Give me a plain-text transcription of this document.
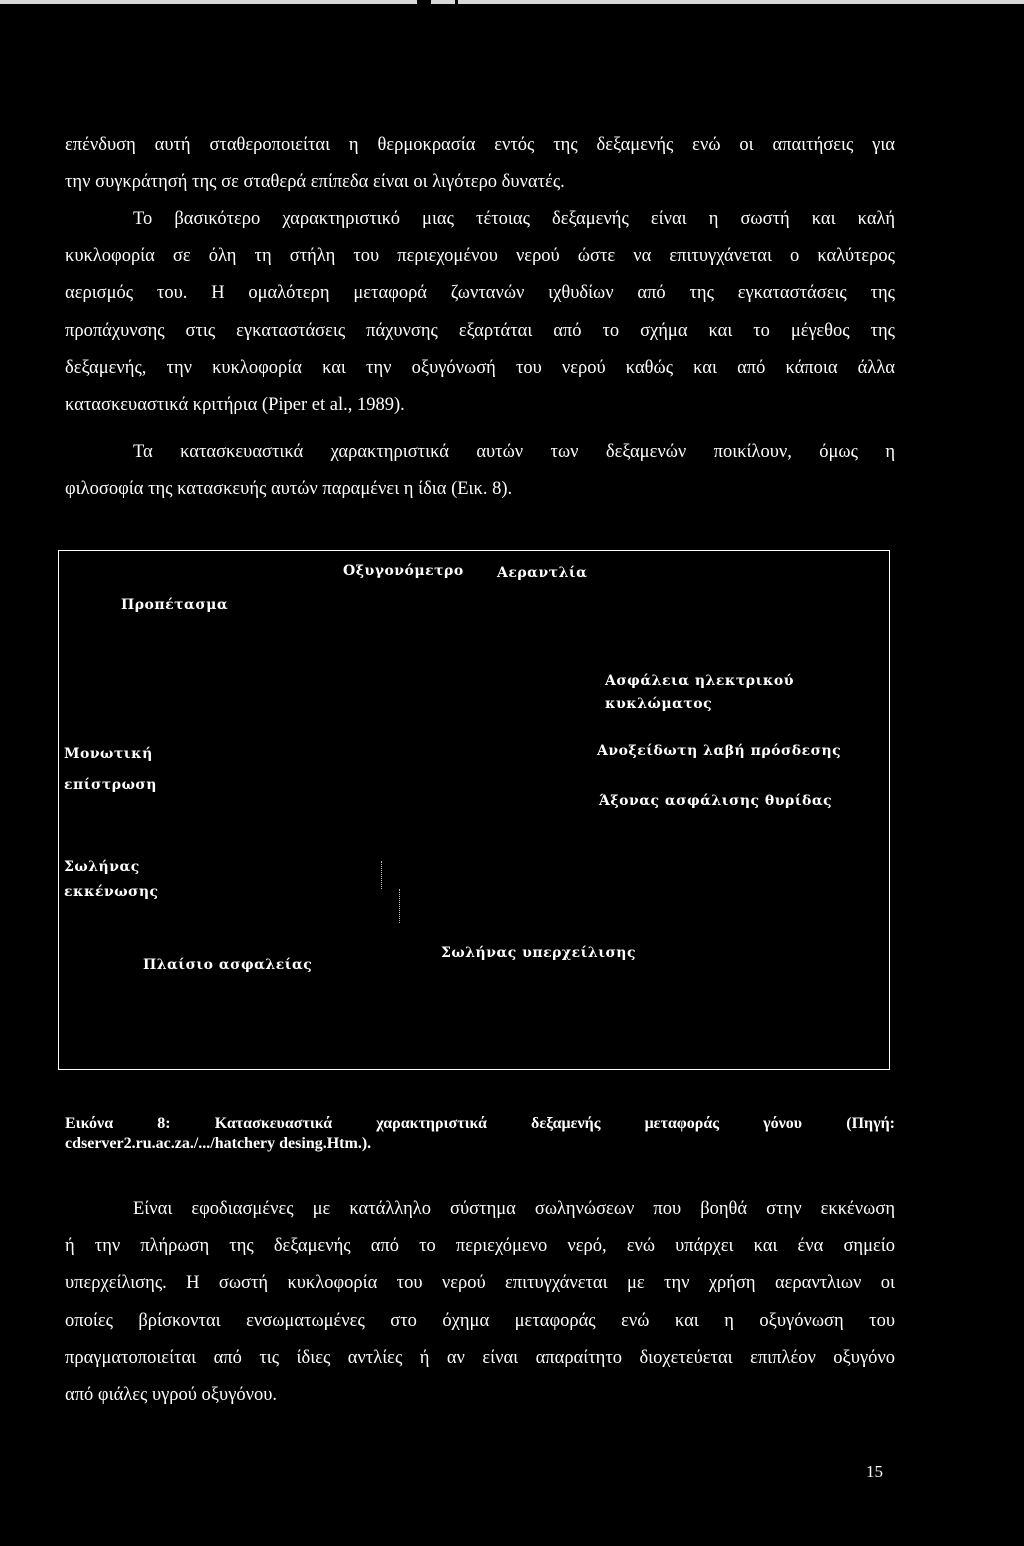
επένδυση αυτή σταθεροποιείται η θερμοκρασία εντός της δεξαμενής ενώ οι απαιτήσεις για
την συγκράτησή της σε σταθερά επίπεδα είναι οι λιγότερο δυνατές.
Το βασικότερο χαρακτηριστικό μιας τέτοιας δεξαμενής είναι η σωστή και καλή
κυκλοφορία σε όλη τη στήλη του περιεχομένου νερού ώστε να επιτυγχάνεται ο καλύτερος
αερισμός του. Η ομαλότερη μεταφορά ζωντανών ιχθυδίων από της εγκαταστάσεις της
προπάχυνσης στις εγκαταστάσεις πάχυνσης εξαρτάται από το σχήμα και το μέγεθος της
δεξαμενής, την κυκλοφορία και την οξυγόνωσή του νερού καθώς και από κάποια άλλα
κατασκευαστικά κριτήρια (Piper et al., 1989).
Τα κατασκευαστικά χαρακτηριστικά αυτών των δεξαμενών ποικίλουν, όμως η
φιλοσοφία της κατασκευής αυτών παραμένει η ίδια (Εικ. 8).
Οξυγονόμετρο Αεραντλία
Προπέτασμα
Ασφάλεια ηλεκτρικού
κυκλώματος
Ανοξείδωτη λαβή πρόσδεσης
Μονωτική
επίστρωση
Άξονας ασφάλισης θυρίδας
Σωλήνας
εκκένωσης
Πλαίσιο ασφαλείας
Σωλήνας υπερχείλισης
Εικόνα 8: Κατασκευαστικά χαρακτηριστικά δεξαμενής μεταφοράς γόνου (Πηγή:
cdserver2.ru.ac.za./.../hatchery desing.Htm.).
Είναι εφοδιασμένες με κατάλληλο σύστημα σωληνώσεων που βοηθά στην εκκένωση
ή την πλήρωση της δεξαμενής από το περιεχόμενο νερό, ενώ υπάρχει και ένα σημείο
υπερχείλισης. Η σωστή κυκλοφορία του νερού επιτυγχάνεται με την χρήση αεραντλιων οι
οποίες βρίσκονται ενσωματωμένες στο όχημα μεταφοράς ενώ και η οξυγόνωση του
πραγματοποιείται από τις ίδιες αντλίες ή αν είναι απαραίτητο διοχετεύεται επιπλέον οξυγόνο
από φιάλες υγρού οξυγόνου.
15
